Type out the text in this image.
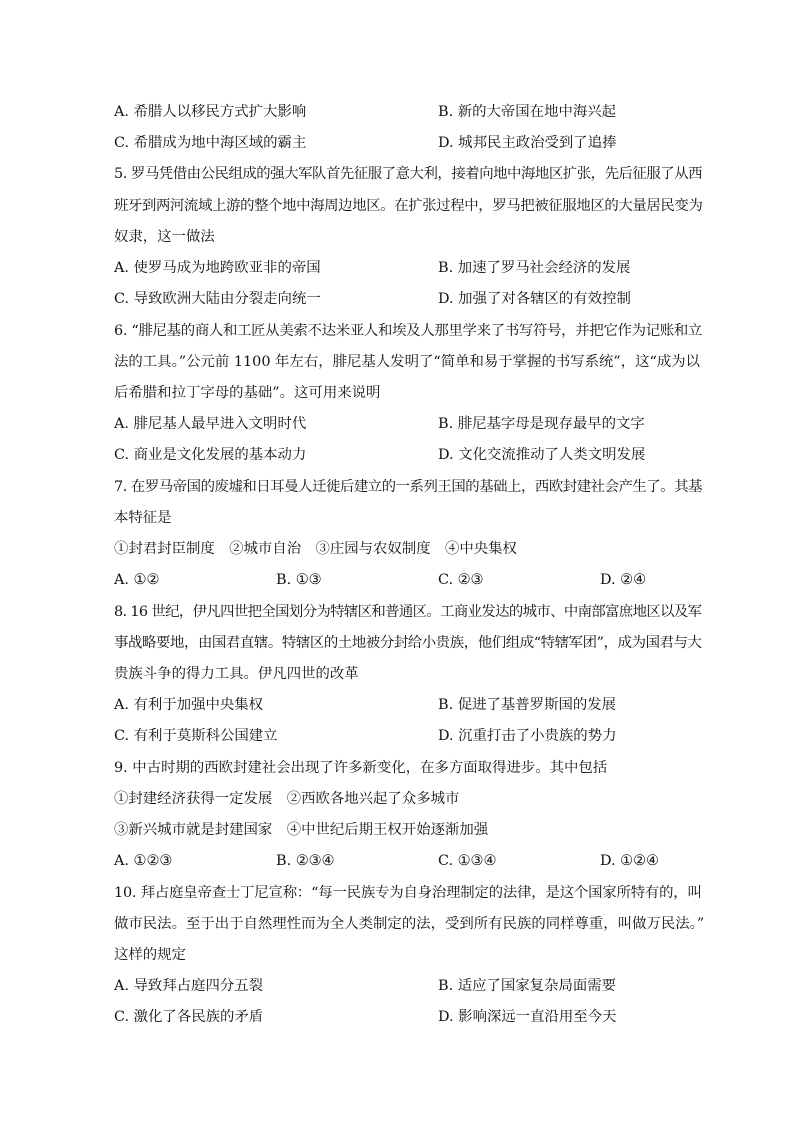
A. 希腊人以移民方式扩大影响	B. 新的大帝国在地中海兴起
C. 希腊成为地中海区域的霸主	D. 城邦民主政治受到了追捧
5. 罗马凭借由公民组成的强大军队首先征服了意大利，接着向地中海地区扩张，先后征服了从西
班牙到两河流域上游的整个地中海周边地区。在扩张过程中，罗马把被征服地区的大量居民变为
奴隶，这一做法
A. 使罗马成为地跨欧亚非的帝国	B. 加速了罗马社会经济的发展
C. 导致欧洲大陆由分裂走向统一	D. 加强了对各辖区的有效控制
6. “腓尼基的商人和工匠从美索不达米亚人和埃及人那里学来了书写符号，并把它作为记账和立
法的工具。”公元前 1100 年左右，腓尼基人发明了“简单和易于掌握的书写系统”，这“成为以
后希腊和拉丁字母的基础”。这可用来说明
A. 腓尼基人最早进入文明时代	B. 腓尼基字母是现存最早的文字
C. 商业是文化发展的基本动力	D. 文化交流推动了人类文明发展
7. 在罗马帝国的废墟和日耳曼人迁徙后建立的一系列王国的基础上，西欧封建社会产生了。其基
本特征是
①封君封臣制度　②城市自治　③庄园与农奴制度　④中央集权
A. ①②	B. ①③	C. ②③	D. ②④
8. 16 世纪，伊凡四世把全国划分为特辖区和普通区。工商业发达的城市、中南部富庶地区以及军
事战略要地，由国君直辖。特辖区的土地被分封给小贵族，他们组成“特辖军团”，成为国君与大
贵族斗争的得力工具。伊凡四世的改革
A. 有利于加强中央集权	B. 促进了基普罗斯国的发展
C. 有利于莫斯科公国建立	D. 沉重打击了小贵族的势力
9. 中古时期的西欧封建社会出现了许多新变化，在多方面取得进步。其中包括
①封建经济获得一定发展　②西欧各地兴起了众多城市
③新兴城市就是封建国家　④中世纪后期王权开始逐渐加强
A. ①②③	B. ②③④	C. ①③④	D. ①②④
10. 拜占庭皇帝查士丁尼宣称：“每一民族专为自身治理制定的法律，是这个国家所特有的，叫
做市民法。至于出于自然理性而为全人类制定的法，受到所有民族的同样尊重，叫做万民法。”
这样的规定
A. 导致拜占庭四分五裂	B. 适应了国家复杂局面需要
C. 激化了各民族的矛盾	D. 影响深远一直沿用至今天
